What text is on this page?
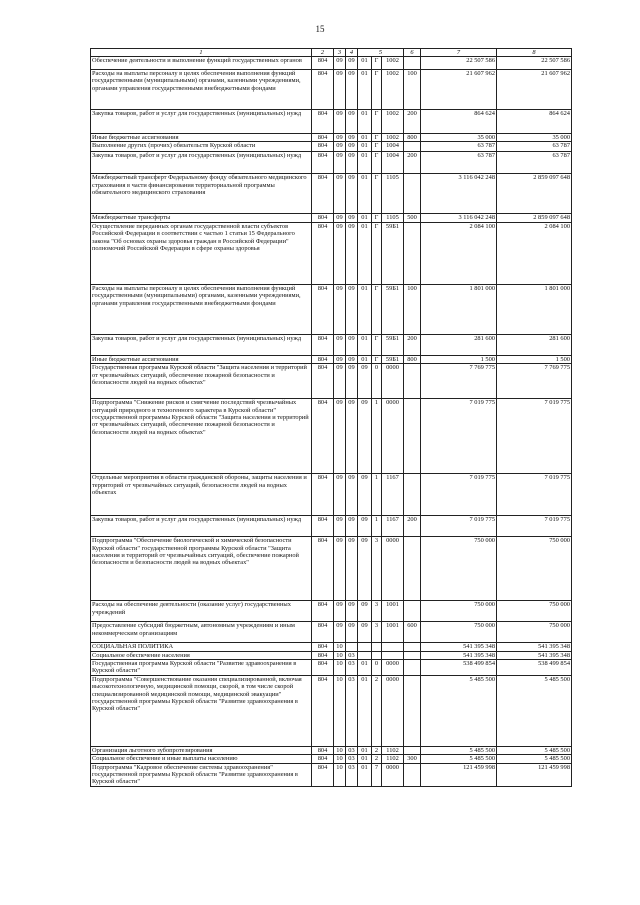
15
1	2	3	4	5			6	7	8
Обеспечение деятельности и выполнение функций государственных органов	804	09	09	01	Г	1002		22 507 586	22 507 586
Расходы на выплаты персоналу в целях обеспечения выполнения функций государственными (муниципальными) органами, казенными учреждениями, органами управления государственными внебюджетными фондами	804	09	09	01	Г	1002	100	21 607 962	21 607 962
Закупка товаров, работ и услуг для государственных (муниципальных) нужд	804	09	09	01	Г	1002	200	864 624	864 624
Иные бюджетные ассигнования	804	09	09	01	Г	1002	800	35 000	35 000
Выполнение других (прочих) обязательств Курской области	804	09	09	01	Г	1004		63 787	63 787
Закупка товаров, работ и услуг для государственных (муниципальных) нужд	804	09	09	01	Г	1004	200	63 787	63 787
Межбюджетный трансферт Федеральному фонду обязательного медицинского страхования в части финансирования территориальной программы обязательного медицинского страхования	804	09	09	01	Г	1105		3 116 042 248	2 859 097 648
Межбюджетные трансферты	804	09	09	01	Г	1105	500	3 116 042 248	2 859 097 648
Осуществление переданных органам государственной власти субъектов Российской Федерации в соответствии с частью 1 статьи 15 Федерального закона "Об основах охраны здоровья граждан в Российской Федерации" полномочий Российской Федерации в сфере охраны здоровья	804	09	09	01	Г	59Б1		2 084 100	2 084 100
Расходы на выплаты персоналу в целях обеспечения выполнения функций государственными (муниципальными) органами, казенными учреждениями, органами управления государственными внебюджетными фондами	804	09	09	01	Г	59Б1	100	1 801 000	1 801 000
Закупка товаров, работ и услуг для государственных (муниципальных) нужд	804	09	09	01	Г	59Б1	200	281 600	281 600
Иные бюджетные ассигнования	804	09	09	01	Г	59Б1	800	1 500	1 500
Государственная программа Курской области "Защита населения и территорий от чрезвычайных ситуаций, обеспечение пожарной безопасности и безопасности людей на водных объектах"	804	09	09	09	0	0000		7 769 775	7 769 775
Подпрограмма "Снижение рисков и смягчение последствий чрезвычайных ситуаций природного и техногенного характера в Курской области" государственной программы Курской области "Защита населения и территорий от чрезвычайных ситуаций, обеспечение пожарной безопасности и безопасности людей на водных объектах"	804	09	09	09	1	0000		7 019 775	7 019 775
Отдельные мероприятия в области гражданской обороны, защиты населения и территорий от чрезвычайных ситуаций, безопасности людей на водных объектах	804	09	09	09	1	1167		7 019 775	7 019 775
Закупка товаров, работ и услуг для государственных (муниципальных) нужд	804	09	09	09	1	1167	200	7 019 775	7 019 775
Подпрограмма "Обеспечение биологической и химической безопасности Курской области" государственной программы Курской области "Защита населения и территорий от чрезвычайных ситуаций, обеспечение пожарной безопасности и безопасности людей на водных объектах"	804	09	09	09	3	0000		750 000	750 000
Расходы на обеспечение деятельности (оказание услуг) государственных учреждений	804	09	09	09	3	1001		750 000	750 000
Предоставление субсидий бюджетным, автономным учреждениям и иным некоммерческим организациям	804	09	09	09	3	1001	600	750 000	750 000
СОЦИАЛЬНАЯ ПОЛИТИКА	804	10						541 395 348	541 395 348
Социальное обеспечение населения	804	10	03					541 395 348	541 395 348
Государственная программа Курской области "Развитие здравоохранения в Курской области"	804	10	03	01	0	0000		538 499 854	538 499 854
Подпрограмма "Совершенствование оказания специализированной, включая высокотехнологичную, медицинской помощи, скорой, в том числе скорой специализированной медицинской помощи, медицинской эвакуации" государственной программы Курской области "Развитие здравоохранения в Курской области"	804	10	03	01	2	0000		5 485 500	5 485 500
Организация льготного зубопротезирования	804	10	03	01	2	1102		5 485 500	5 485 500
Социальное обеспечение и иные выплаты населению	804	10	03	01	2	1102	300	5 485 500	5 485 500
Подпрограмма "Кадровое обеспечение системы здравоохранения" государственной программы Курской области "Развитие здравоохранения в Курской области"	804	10	03	01	7	0000		121 459 998	121 459 998
